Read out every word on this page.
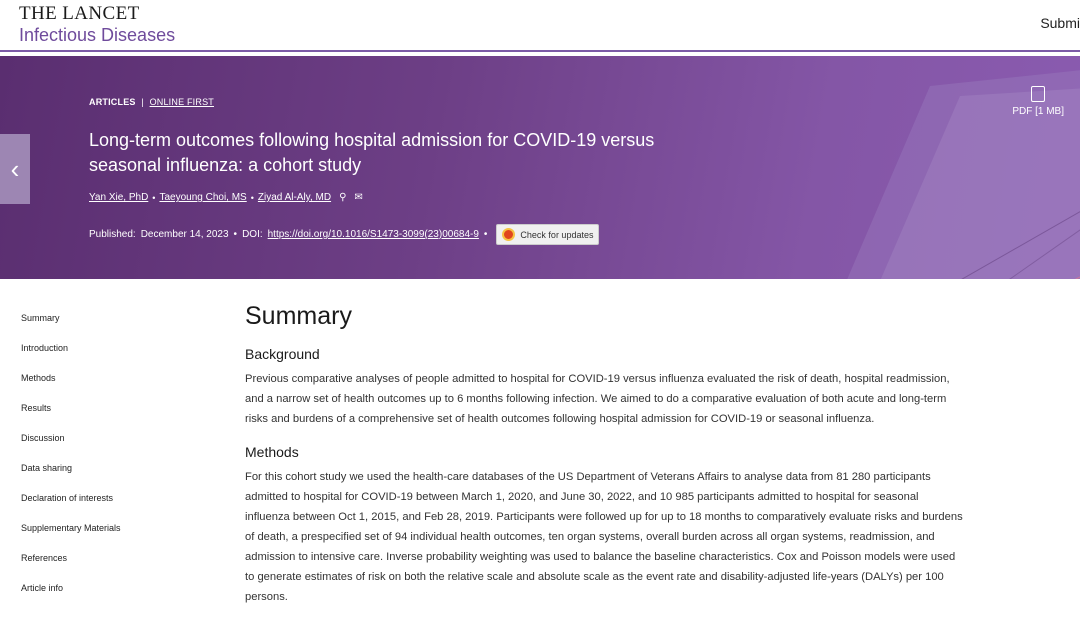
THE LANCET
Infectious Diseases
Submi
‹
ARTICLES | ONLINE FIRST
Long-term outcomes following hospital admission for COVID-19 versus seasonal influenza: a cohort study
Yan Xie, PhD • Taeyoung Choi, MS • Ziyad Al-Aly, MD ⚲ ✉
Published: December 14, 2023 • DOI: https://doi.org/10.1016/S1473-3099(23)00684-9 •	Check for updates
PDF [1 MB]
Summary
Introduction
Methods
Results
Discussion
Data sharing
Declaration of interests
Supplementary Materials
References
Article info
Summary
Background

Previous comparative analyses of people admitted to hospital for COVID-19 versus influenza evaluated the risk of death, hospital readmission, and a narrow set of health outcomes up to 6 months following infection. We aimed to do a comparative evaluation of both acute and long-term risks and burdens of a comprehensive set of health outcomes following hospital admission for COVID-19 or seasonal influenza.

Methods

For this cohort study we used the health-care databases of the US Department of Veterans Affairs to analyse data from 81 280 participants admitted to hospital for COVID-19 between March 1, 2020, and June 30, 2022, and 10 985 participants admitted to hospital for seasonal influenza between Oct 1, 2015, and Feb 28, 2019. Participants were followed up for up to 18 months to comparatively evaluate risks and burdens of death, a prespecified set of 94 individual health outcomes, ten organ systems, overall burden across all organ systems, readmission, and admission to intensive care. Inverse probability weighting was used to balance the baseline characteristics. Cox and Poisson models were used to generate estimates of risk on both the relative scale and absolute scale as the event rate and disability-adjusted life-years (DALYs) per 100 persons.
